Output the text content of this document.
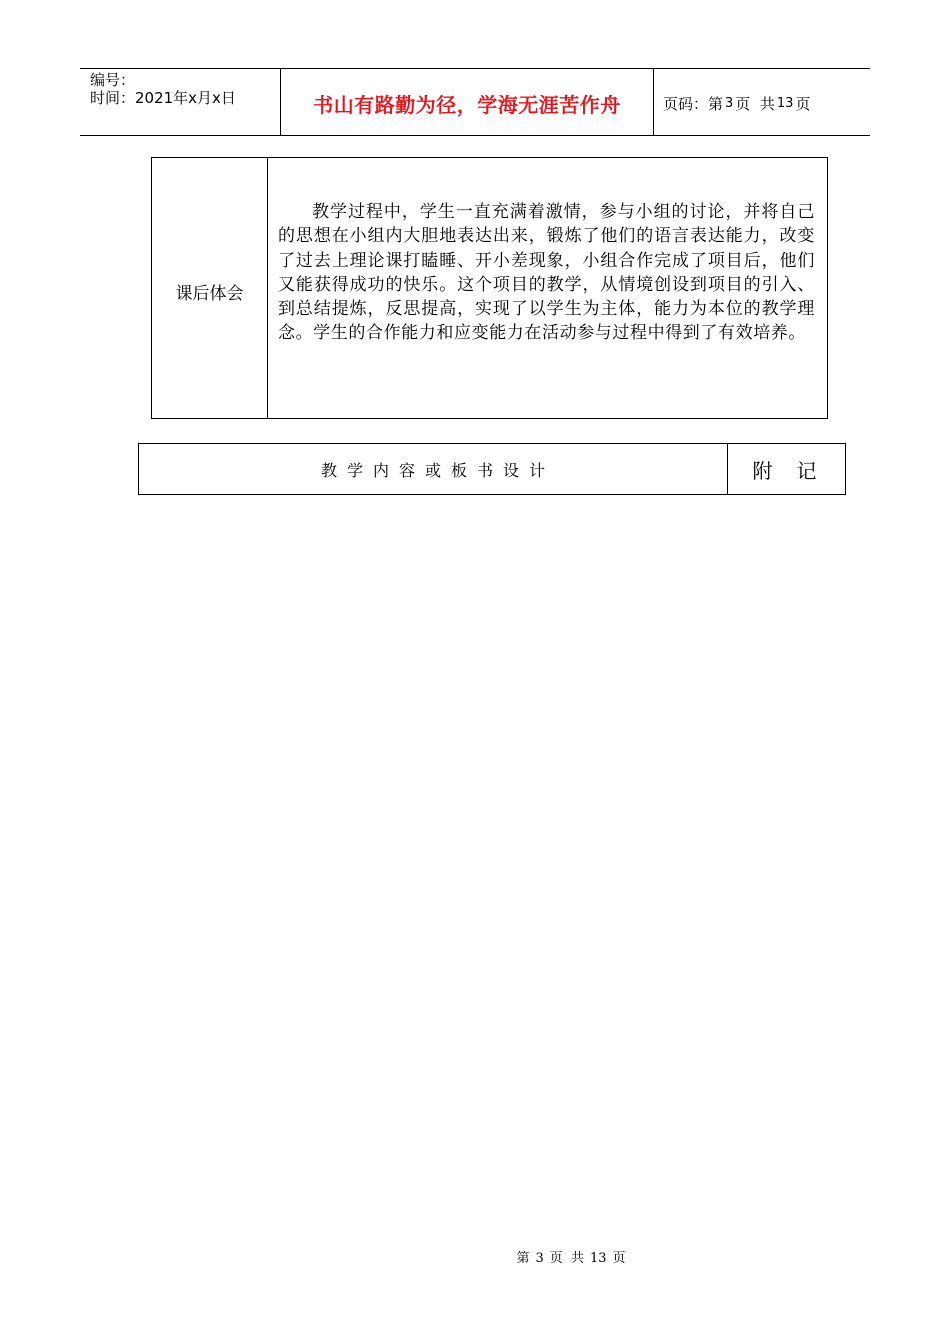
编号：
时间：2021年x月x日	书山有路勤为径，学海无涯苦作舟	页码：第 3 页  共 13 页
课后体会
教学过程中，学生一直充满着激情，参与小组的讨论，并将自己的思想在小组内大胆地表达出来，锻炼了他们的语言表达能力，改变了过去上理论课打瞌睡、开小差现象，小组合作完成了项目后，他们又能获得成功的快乐。这个项目的教学，从情境创设到项目的引入、到总结提炼，反思提高，实现了以学生为主体，能力为本位的教学理念。学生的合作能力和应变能力在活动参与过程中得到了有效培养。
教学内容或板书设计	附记
第 3 页  共 13 页
